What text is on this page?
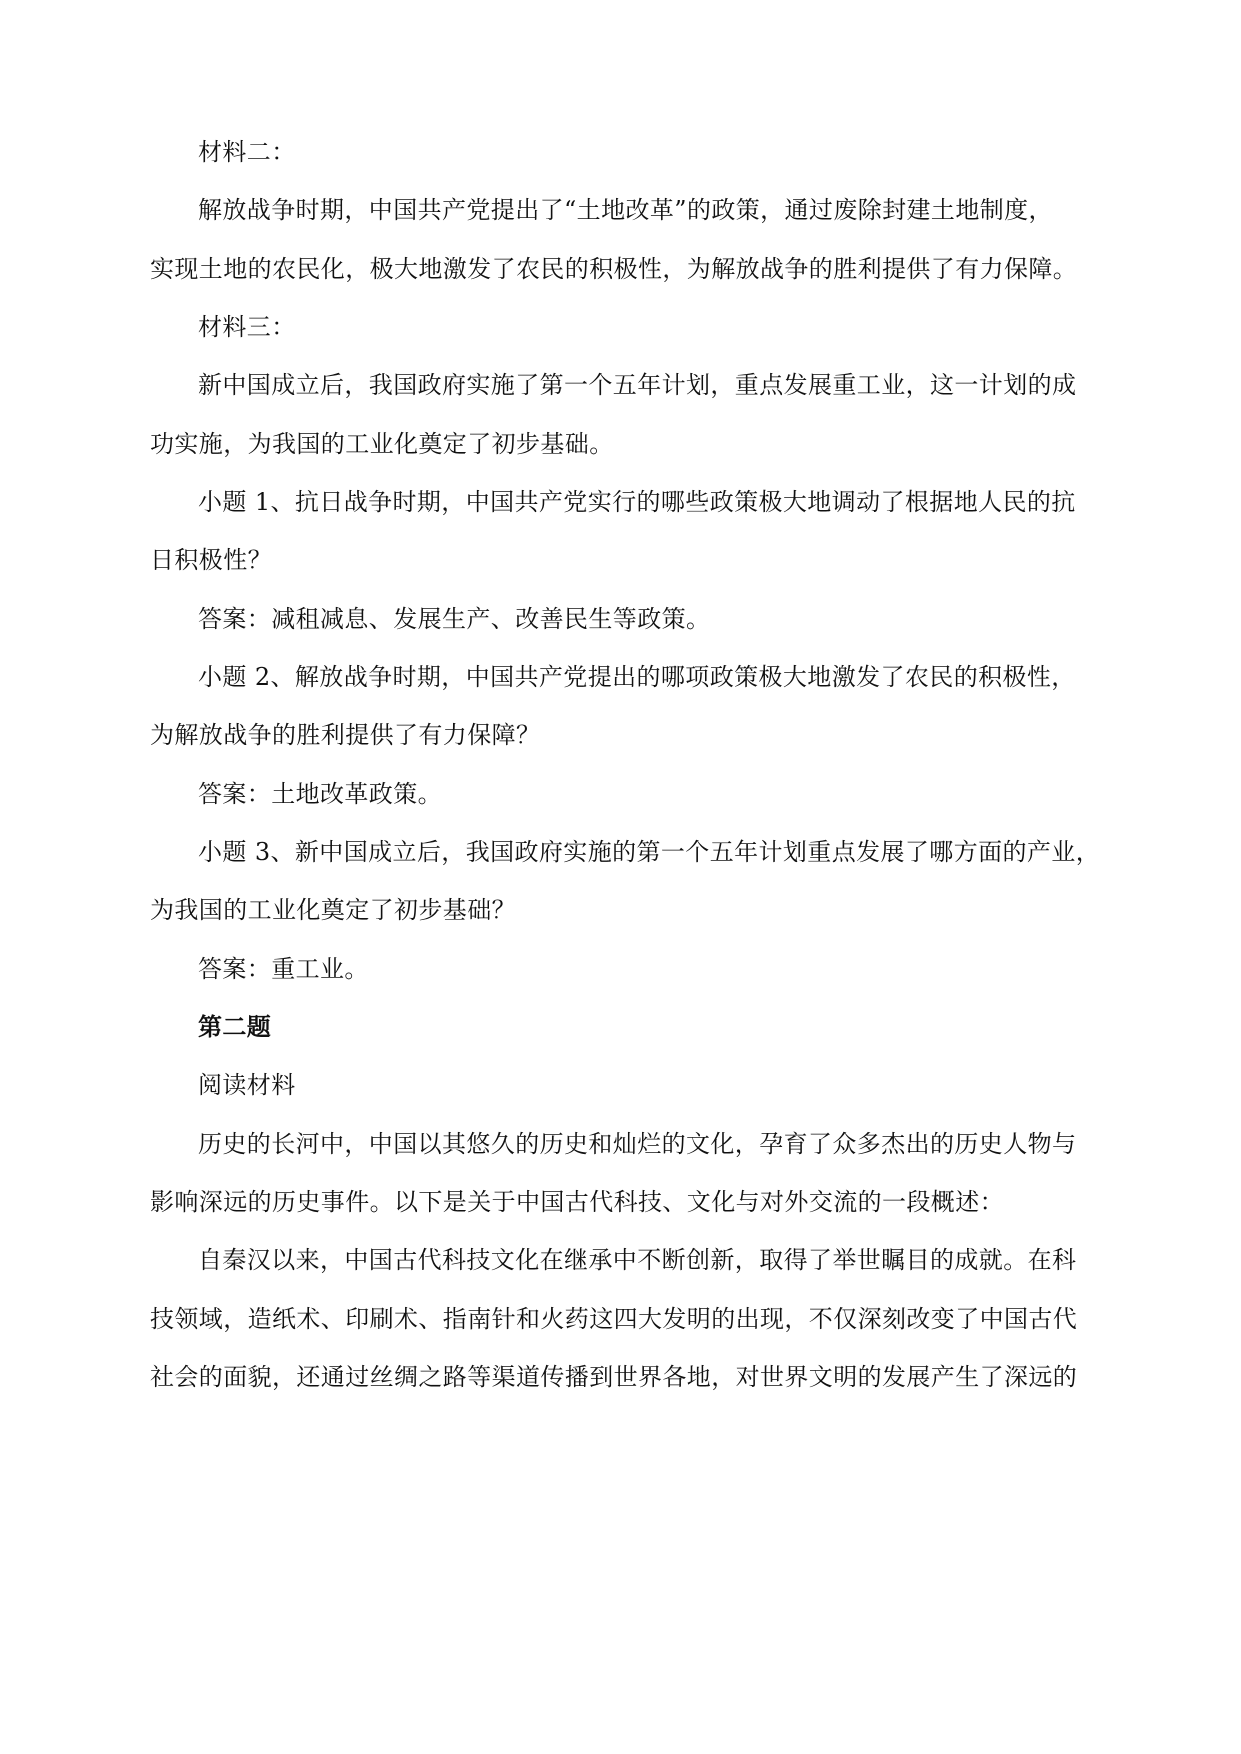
材料二：
解放战争时期，中国共产党提出了“土地改革”的政策，通过废除封建土地制度，
实现土地的农民化，极大地激发了农民的积极性，为解放战争的胜利提供了有力保障。
材料三：
新中国成立后，我国政府实施了第一个五年计划，重点发展重工业，这一计划的成
功实施，为我国的工业化奠定了初步基础。
小题 1、抗日战争时期，中国共产党实行的哪些政策极大地调动了根据地人民的抗
日积极性？
答案：减租减息、发展生产、改善民生等政策。
小题 2、解放战争时期，中国共产党提出的哪项政策极大地激发了农民的积极性，
为解放战争的胜利提供了有力保障？
答案：土地改革政策。
小题 3、新中国成立后，我国政府实施的第一个五年计划重点发展了哪方面的产业，
为我国的工业化奠定了初步基础？
答案：重工业。
第二题
阅读材料
历史的长河中，中国以其悠久的历史和灿烂的文化，孕育了众多杰出的历史人物与
影响深远的历史事件。以下是关于中国古代科技、文化与对外交流的一段概述：
自秦汉以来，中国古代科技文化在继承中不断创新，取得了举世瞩目的成就。在科
技领域，造纸术、印刷术、指南针和火药这四大发明的出现，不仅深刻改变了中国古代
社会的面貌，还通过丝绸之路等渠道传播到世界各地，对世界文明的发展产生了深远的
